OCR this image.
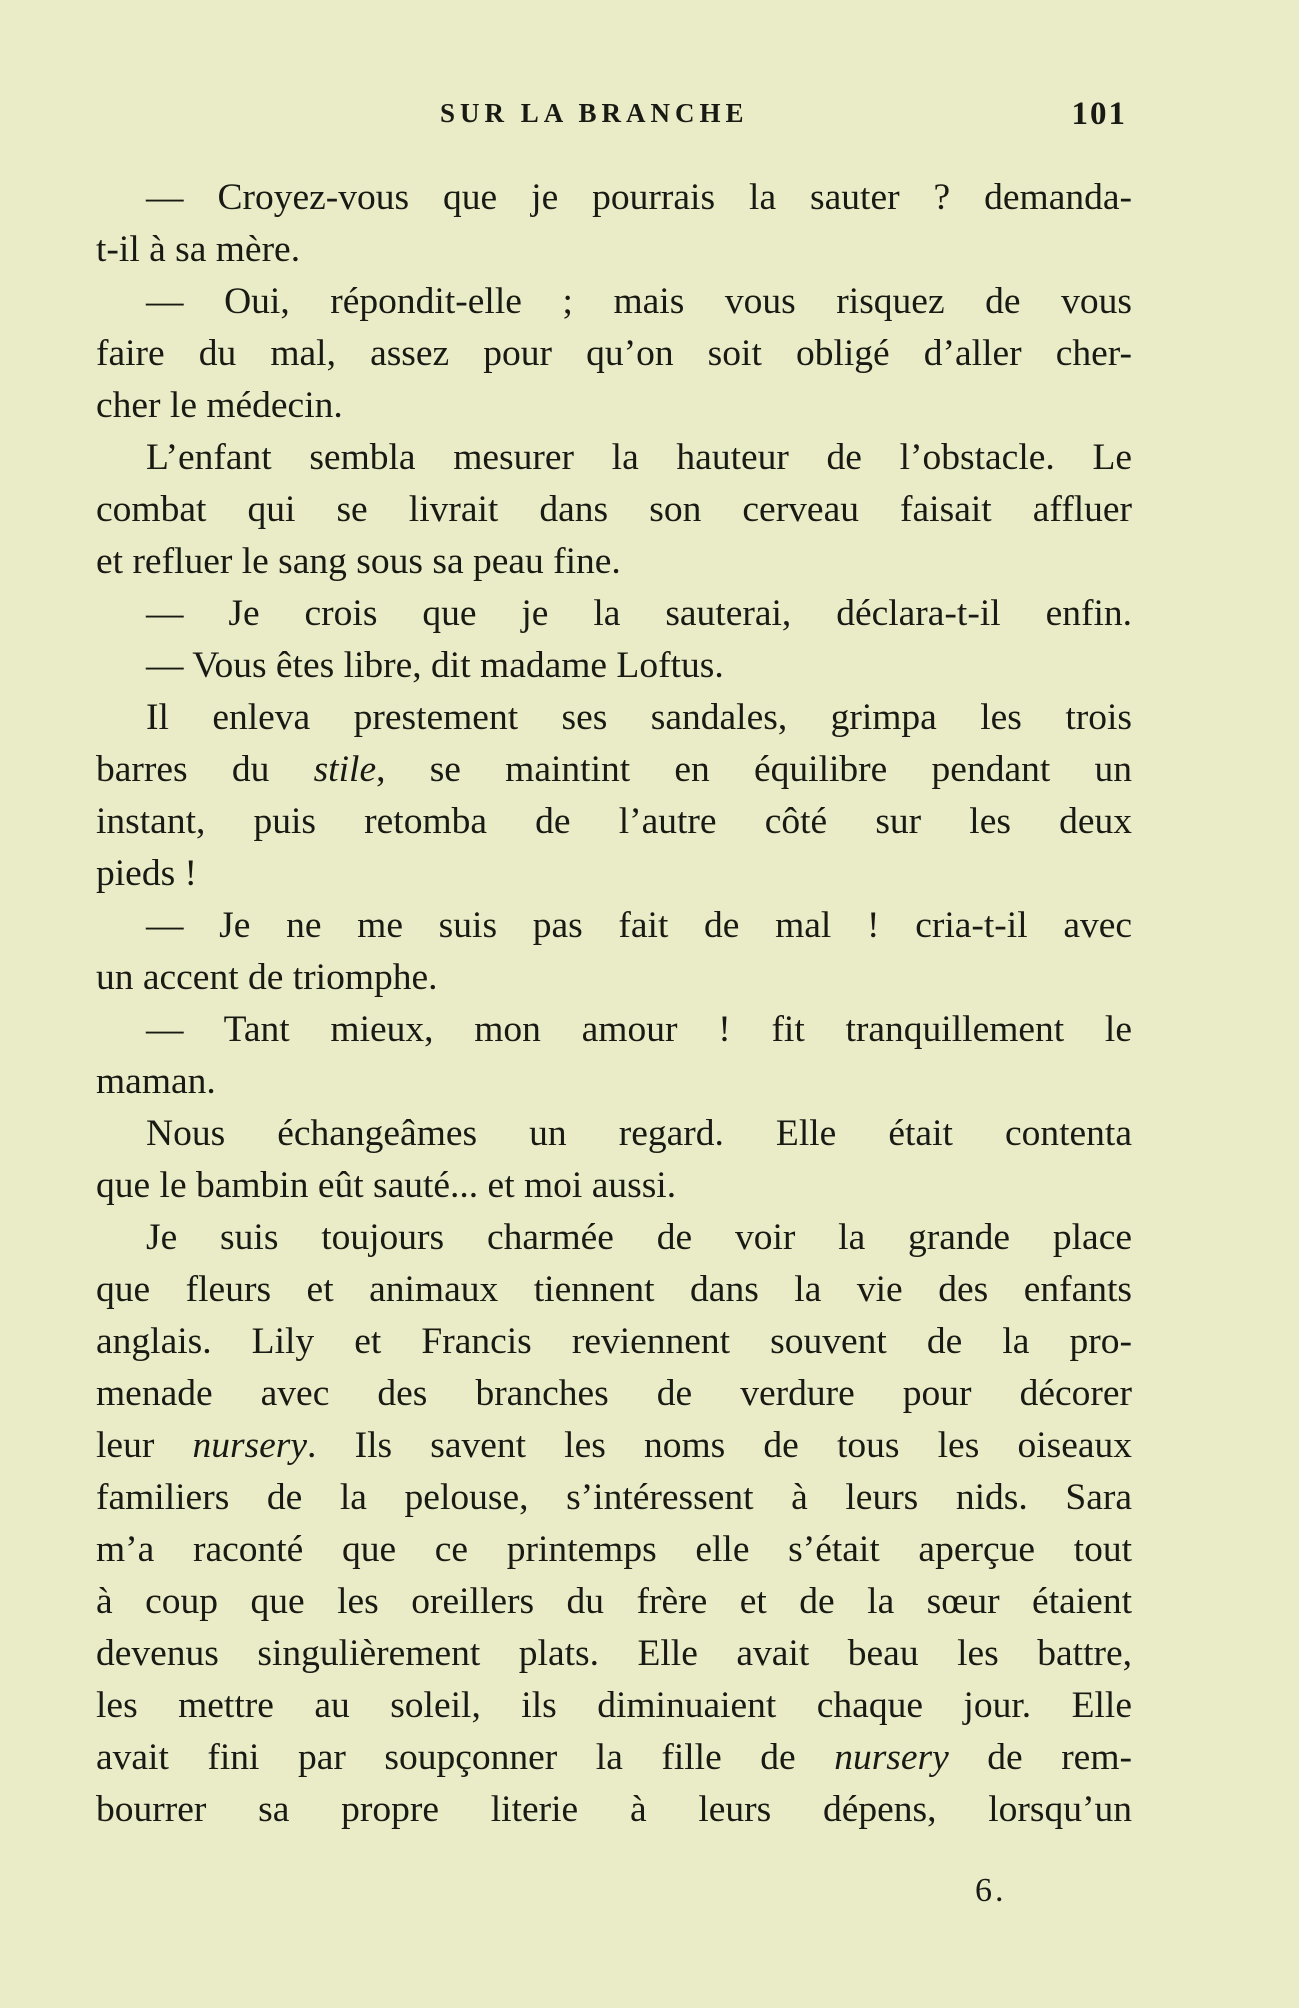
SUR LA BRANCHE	101
— Croyez-vous que je pourrais la sauter ? demanda-
t-il à sa mère.
— Oui, répondit-elle ; mais vous risquez de vous
faire du mal, assez pour qu’on soit obligé d’aller cher-
cher le médecin.
L’enfant sembla mesurer la hauteur de l’obstacle. Le
combat qui se livrait dans son cerveau faisait affluer
et refluer le sang sous sa peau fine.
— Je crois que je la sauterai, déclara-t-il enfin.
— Vous êtes libre, dit madame Loftus.
Il enleva prestement ses sandales, grimpa les trois
barres du stile, se maintint en équilibre pendant un
instant, puis retomba de l’autre côté sur les deux
pieds !
— Je ne me suis pas fait de mal ! cria-t-il avec
un accent de triomphe.
— Tant mieux, mon amour ! fit tranquillement le
maman.
Nous échangeâmes un regard. Elle était contenta
que le bambin eût sauté... et moi aussi.
Je suis toujours charmée de voir la grande place
que fleurs et animaux tiennent dans la vie des enfants
anglais. Lily et Francis reviennent souvent de la pro-
menade avec des branches de verdure pour décorer
leur nursery. Ils savent les noms de tous les oiseaux
familiers de la pelouse, s’intéressent à leurs nids. Sara
m’a raconté que ce printemps elle s’était aperçue tout
à coup que les oreillers du frère et de la sœur étaient
devenus singulièrement plats. Elle avait beau les battre,
les mettre au soleil, ils diminuaient chaque jour. Elle
avait fini par soupçonner la fille de nursery de rem-
bourrer sa propre literie à leurs dépens, lorsqu’un
6.
